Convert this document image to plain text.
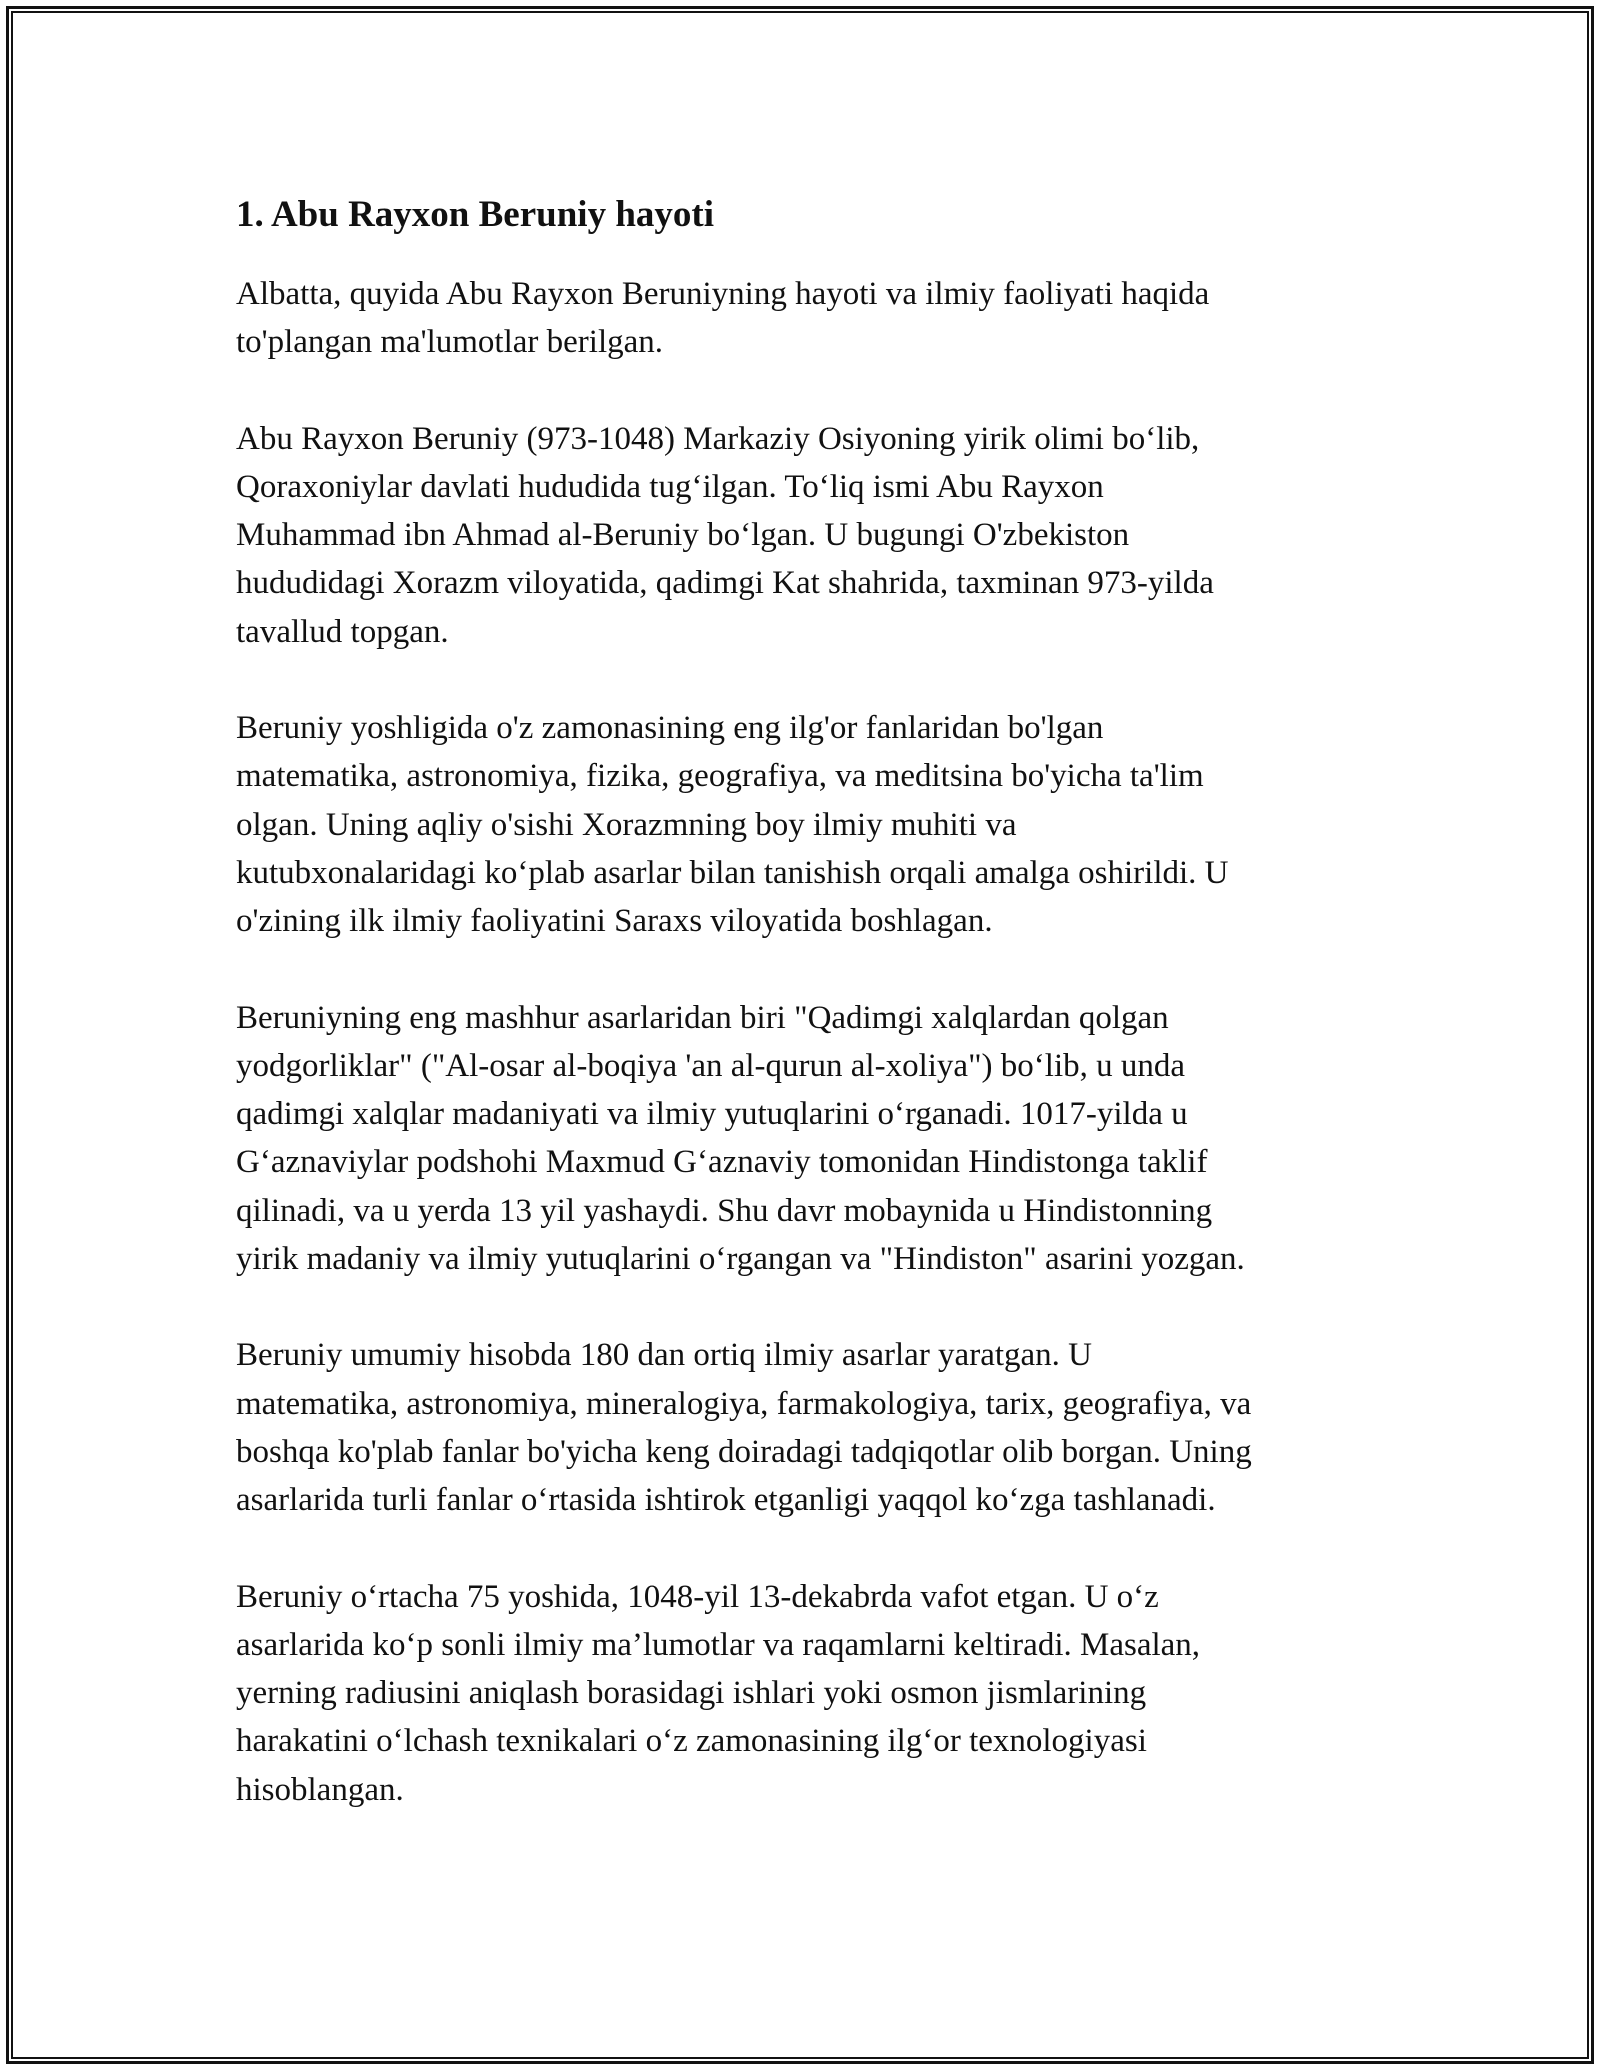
1. Abu Rayxon Beruniy hayoti

Albatta, quyida Abu Rayxon Beruniyning hayoti va ilmiy faoliyati haqida
to'plangan ma'lumotlar berilgan.

Abu Rayxon Beruniy (973-1048) Markaziy Osiyoning yirik olimi bo‘lib,
Qoraxoniylar davlati hududida tug‘ilgan. To‘liq ismi Abu Rayxon
Muhammad ibn Ahmad al-Beruniy bo‘lgan. U bugungi O'zbekiston
hududidagi Xorazm viloyatida, qadimgi Kat shahrida, taxminan 973-yilda
tavallud topgan.

Beruniy yoshligida o'z zamonasining eng ilg'or fanlaridan bo'lgan
matematika, astronomiya, fizika, geografiya, va meditsina bo'yicha ta'lim
olgan. Uning aqliy o'sishi Xorazmning boy ilmiy muhiti va
kutubxonalaridagi ko‘plab asarlar bilan tanishish orqali amalga oshirildi. U
o'zining ilk ilmiy faoliyatini Saraxs viloyatida boshlagan.

Beruniyning eng mashhur asarlaridan biri "Qadimgi xalqlardan qolgan
yodgorliklar" ("Al-osar al-boqiya 'an al-qurun al-xoliya") bo‘lib, u unda
qadimgi xalqlar madaniyati va ilmiy yutuqlarini o‘rganadi. 1017-yilda u
G‘aznaviylar podshohi Maxmud G‘aznaviy tomonidan Hindistonga taklif
qilinadi, va u yerda 13 yil yashaydi. Shu davr mobaynida u Hindistonning
yirik madaniy va ilmiy yutuqlarini o‘rgangan va "Hindiston" asarini yozgan.

Beruniy umumiy hisobda 180 dan ortiq ilmiy asarlar yaratgan. U
matematika, astronomiya, mineralogiya, farmakologiya, tarix, geografiya, va
boshqa ko'plab fanlar bo'yicha keng doiradagi tadqiqotlar olib borgan. Uning
asarlarida turli fanlar o‘rtasida ishtirok etganligi yaqqol ko‘zga tashlanadi.

Beruniy o‘rtacha 75 yoshida, 1048-yil 13-dekabrda vafot etgan. U o‘z
asarlarida ko‘p sonli ilmiy ma’lumotlar va raqamlarni keltiradi. Masalan,
yerning radiusini aniqlash borasidagi ishlari yoki osmon jismlarining
harakatini o‘lchash texnikalari o‘z zamonasining ilg‘or texnologiyasi
hisoblangan.
